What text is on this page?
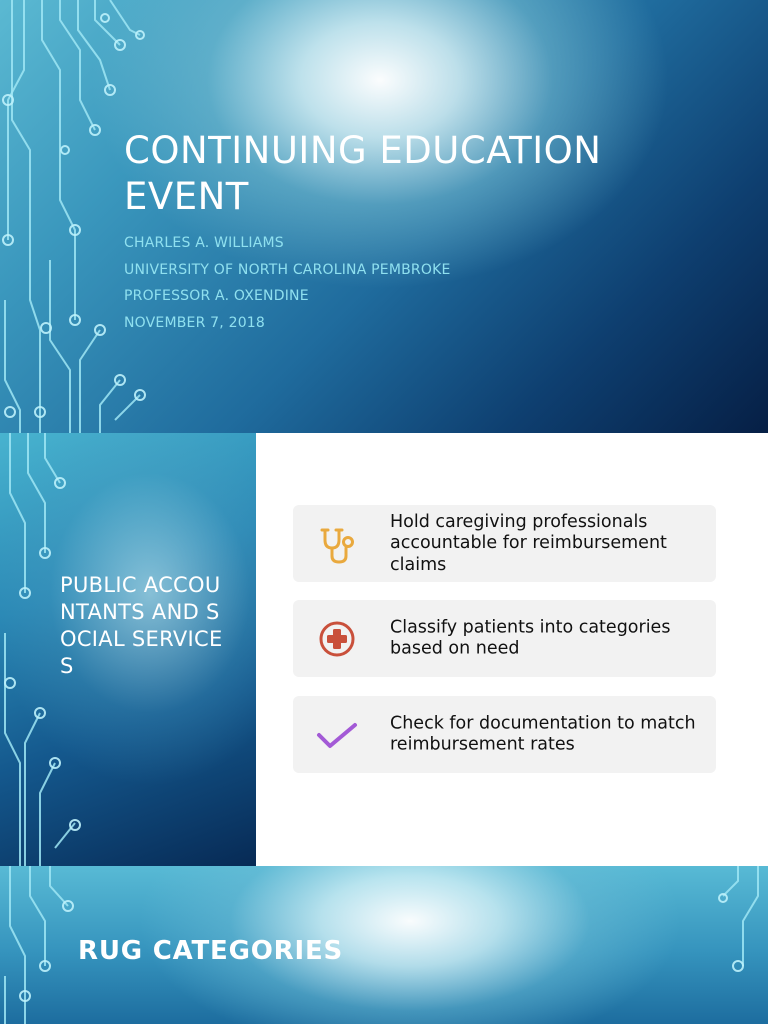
CONTINUING EDUCATION EVENT
CHARLES A. WILLIAMS
UNIVERSITY OF NORTH CAROLINA PEMBROKE
PROFESSOR A. OXENDINE
NOVEMBER 7, 2018
PUBLIC ACCOUNTANTS AND SOCIAL SERVICES
Hold caregiving professionals accountable for reimbursement claims
Classify patients into categories based on need
Check for documentation to match reimbursement rates
RUG CATEGORIES
